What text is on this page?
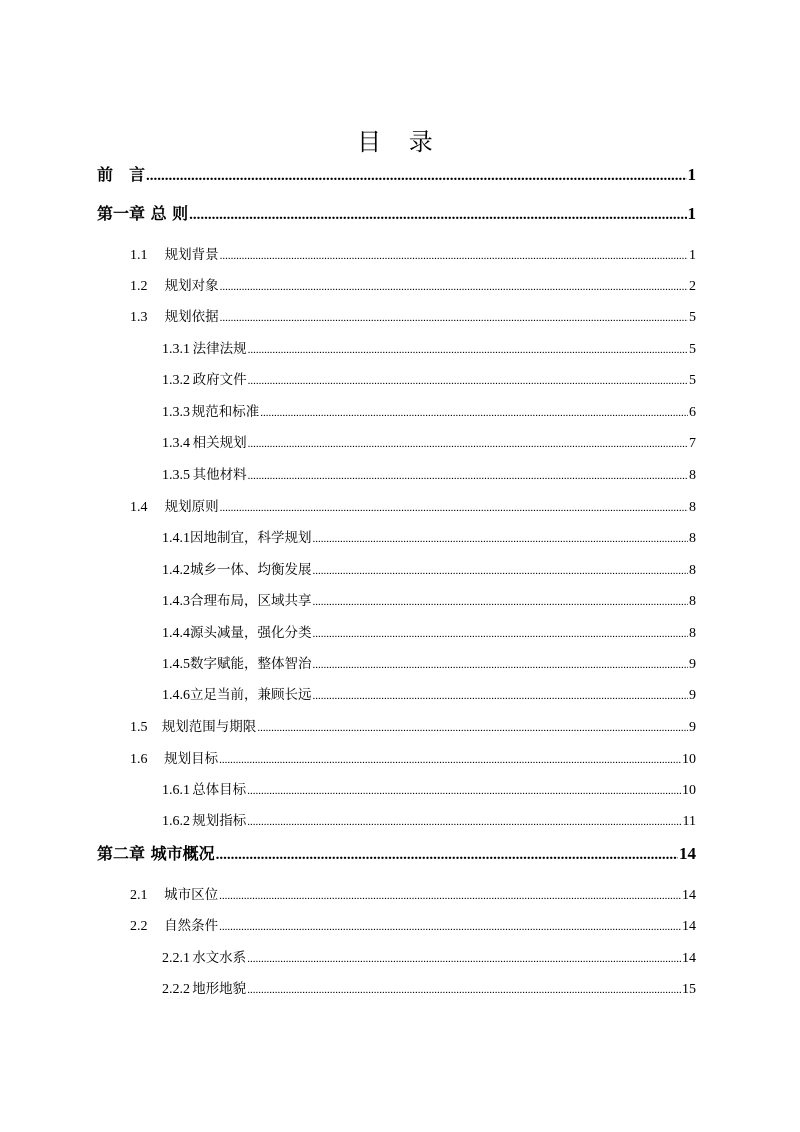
目 录
前　言 .....	1
第一章 总 则 .....	1
1.1	规划背景 .....	1
1.2	规划对象 .....	2
1.3	规划依据 .....	5
1.3.1 法律法规 .....	5
1.3.2 政府文件 .....	5
1.3.3 规范和标准 .....	6
1.3.4 相关规划 .....	7
1.3.5 其他材料 .....	8
1.4	规划原则 .....	8
1.4.1 因地制宜，科学规划 .....	8
1.4.2 城乡一体、均衡发展 .....	8
1.4.3 合理布局，区域共享 .....	8
1.4.4 源头减量，强化分类 .....	8
1.4.5 数字赋能，整体智治 .....	9
1.4.6 立足当前，兼顾长远 .....	9
1.5	规划范围与期限 .....	9
1.6	规划目标 .....	10
1.6.1 总体目标 .....	10
1.6.2 规划指标 .....	11
第二章 城市概况 .....	14
2.1	城市区位 .....	14
2.2	自然条件 .....	14
2.2.1 水文水系 .....	14
2.2.2 地形地貌 .....	15
